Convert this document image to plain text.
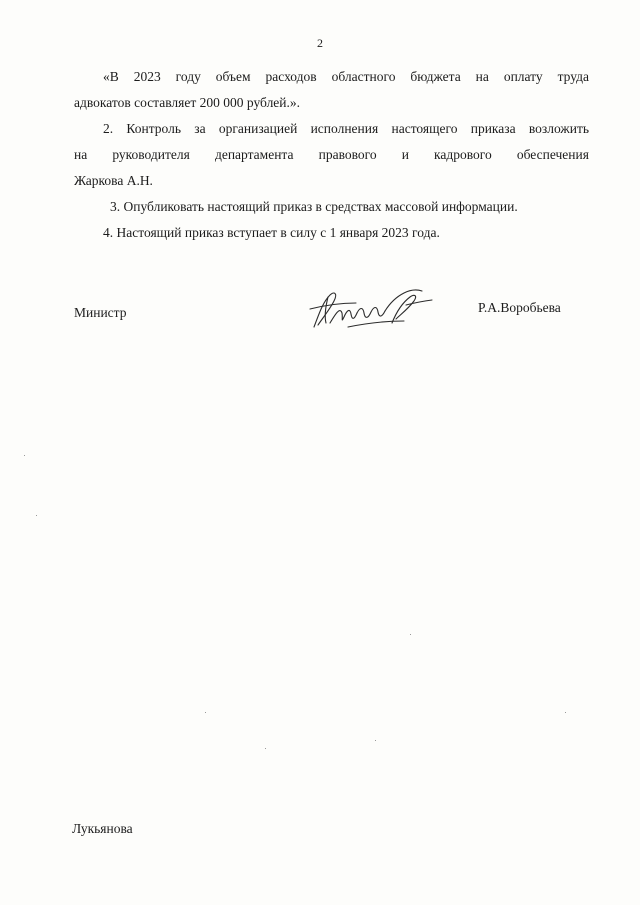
2
«В 2023 году объем расходов областного бюджета на оплату труда
адвокатов составляет 200 000 рублей.».
2. Контроль за организацией исполнения настоящего приказа возложить
на руководителя департамента правового и кадрового обеспечения
Жаркова А.Н.
3. Опубликовать настоящий приказ в средствах массовой информации.
4. Настоящий приказ вступает в силу с 1 января 2023 года.
Министр	Р.А.Воробьева
Лукьянова
